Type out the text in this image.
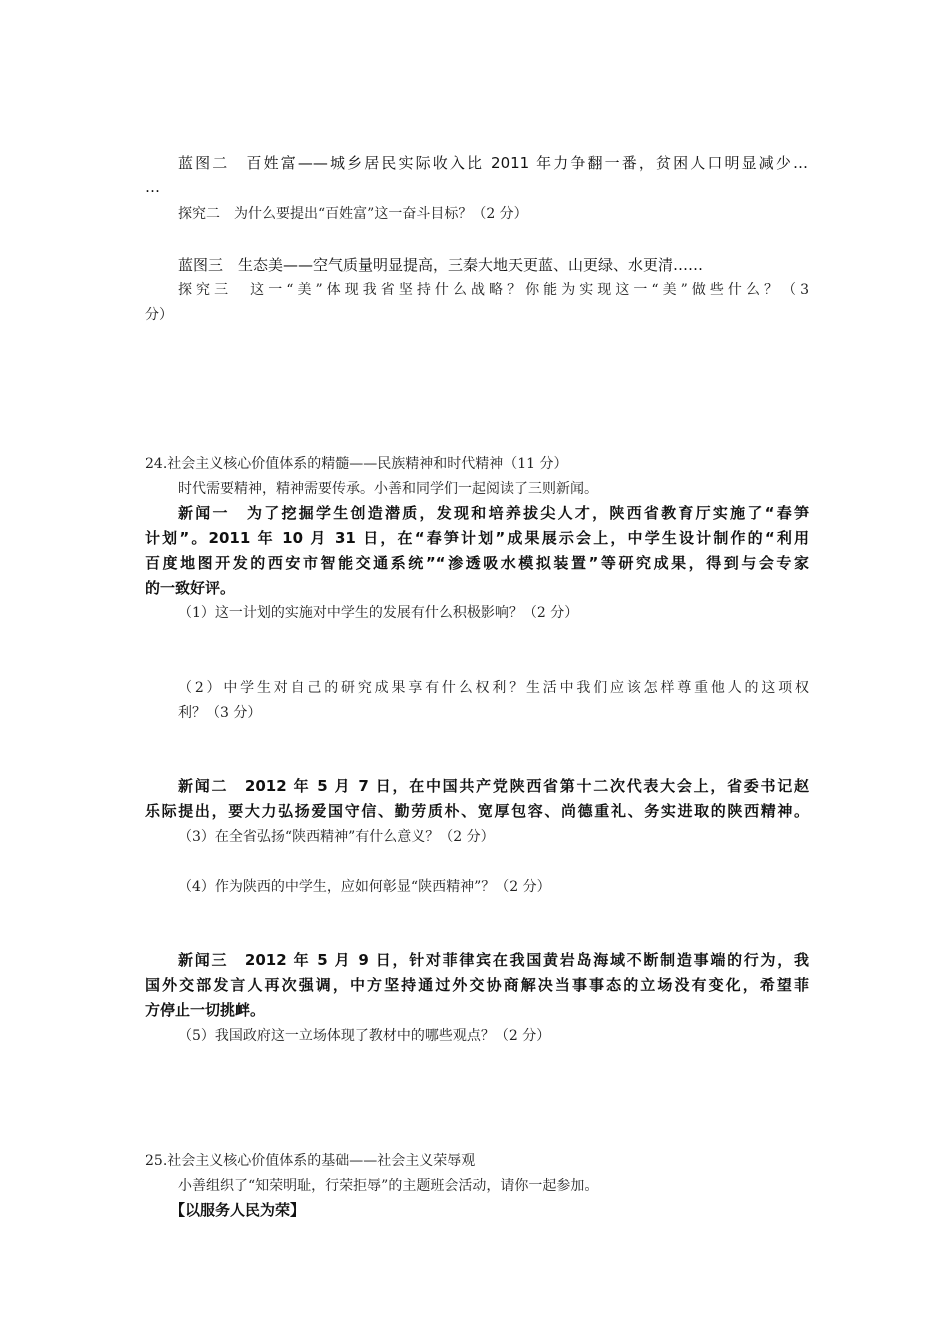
蓝图二　百姓富——城乡居民实际收入比 2011 年力争翻一番，贫困人口明显减少…
…
探究二　为什么要提出“百姓富”这一奋斗目标？（2 分）
蓝图三　生态美——空气质量明显提高，三秦大地天更蓝、山更绿、水更清……
探究三　这一“美”体现我省坚持什么战略？你能为实现这一“美”做些什么？（3
分）
24.社会主义核心价值体系的精髓——民族精神和时代精神（11 分）
时代需要精神，精神需要传承。小善和同学们一起阅读了三则新闻。
新闻一　为了挖掘学生创造潜质，发现和培养拔尖人才，陕西省教育厅实施了“春笋
计划”。2011 年 10 月 31 日，在“春笋计划”成果展示会上，中学生设计制作的“利用
百度地图开发的西安市智能交通系统”“渗透吸水模拟装置”等研究成果，得到与会专家
的一致好评。
（1）这一计划的实施对中学生的发展有什么积极影响？（2 分）
（2）中学生对自己的研究成果享有什么权利？生活中我们应该怎样尊重他人的这项权
利？（3 分）
新闻二　2012 年 5 月 7 日，在中国共产党陕西省第十二次代表大会上，省委书记赵
乐际提出，要大力弘扬爱国守信、勤劳质朴、宽厚包容、尚德重礼、务实进取的陕西精神。
（3）在全省弘扬“陕西精神”有什么意义？（2 分）
（4）作为陕西的中学生，应如何彰显“陕西精神”？（2 分）
新闻三　2012 年 5 月 9 日，针对菲律宾在我国黄岩岛海域不断制造事端的行为，我
国外交部发言人再次强调，中方坚持通过外交协商解决当事事态的立场没有变化，希望菲
方停止一切挑衅。
（5）我国政府这一立场体现了教材中的哪些观点？（2 分）
25.社会主义核心价值体系的基础——社会主义荣辱观
小善组织了“知荣明耻，行荣拒辱”的主题班会活动，请你一起参加。
【以服务人民为荣】
